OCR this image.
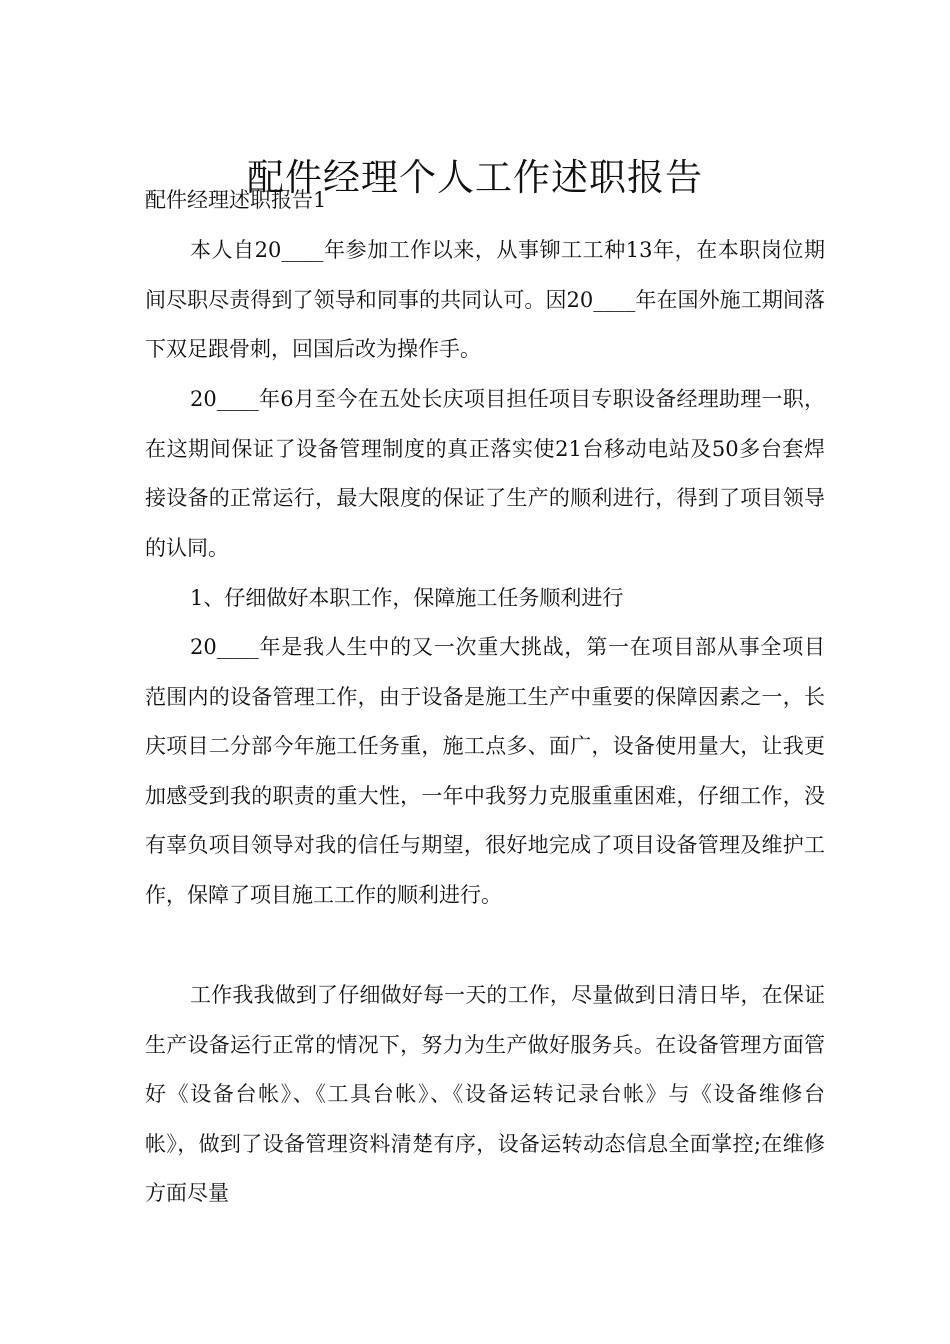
配件经理个人工作述职报告
配件经理述职报告1

本人自20____年参加工作以来，从事铆工工种13年，在本职岗位期间尽职尽责得到了领导和同事的共同认可。因20____年在国外施工期间落下双足跟骨刺，回国后改为操作手。

20____年6月至今在五处长庆项目担任项目专职设备经理助理一职，在这期间保证了设备管理制度的真正落实使21台移动电站及50多台套焊接设备的正常运行，最大限度的保证了生产的顺利进行，得到了项目领导的认同。

1、仔细做好本职工作，保障施工任务顺利进行

20____年是我人生中的又一次重大挑战，第一在项目部从事全项目范围内的设备管理工作，由于设备是施工生产中重要的保障因素之一，长庆项目二分部今年施工任务重，施工点多、面广，设备使用量大，让我更加感受到我的职责的重大性，一年中我努力克服重重困难，仔细工作，没有辜负项目领导对我的信任与期望，很好地完成了项目设备管理及维护工作，保障了项目施工工作的顺利进行。

工作我我做到了仔细做好每一天的工作，尽量做到日清日毕，在保证生产设备运行正常的情况下，努力为生产做好服务兵。在设备管理方面管好《设备台帐》、《工具台帐》、《设备运转记录台帐》与《设备维修台帐》，做到了设备管理资料清楚有序，设备运转动态信息全面掌控;在维修方面尽量
